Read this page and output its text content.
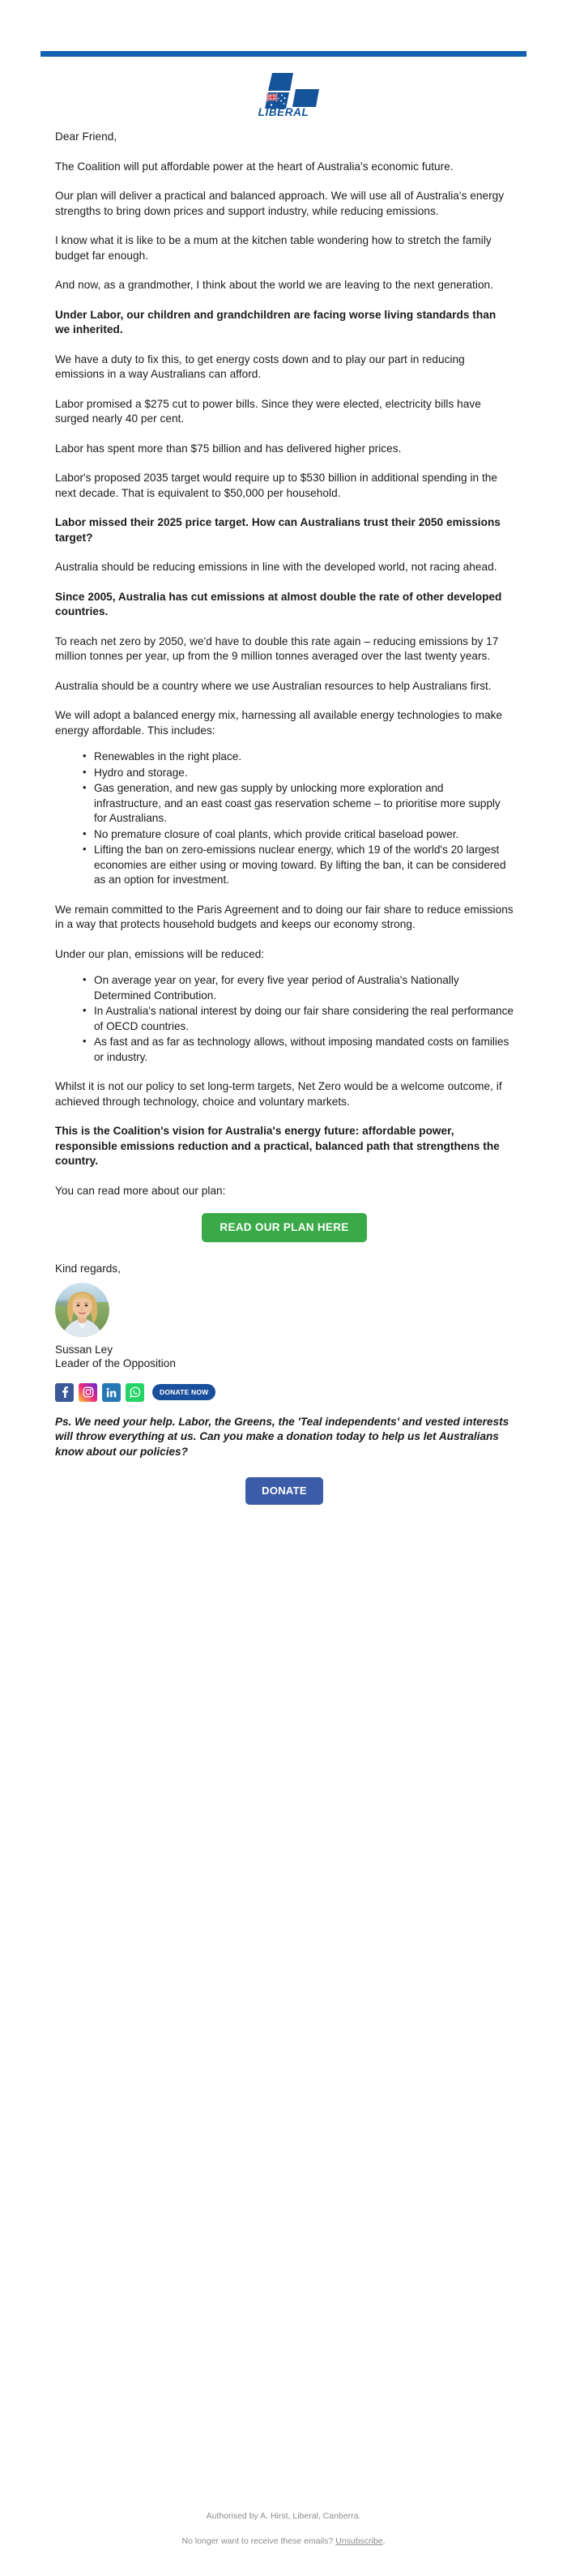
LIBERAL

Dear Friend,

The Coalition will put affordable power at the heart of Australia's economic future.

Our plan will deliver a practical and balanced approach. We will use all of Australia's energy strengths to bring down prices and support industry, while reducing emissions.

I know what it is like to be a mum at the kitchen table wondering how to stretch the family budget far enough.

And now, as a grandmother, I think about the world we are leaving to the next generation.

Under Labor, our children and grandchildren are facing worse living standards than we inherited.

We have a duty to fix this, to get energy costs down and to play our part in reducing emissions in a way Australians can afford.

Labor promised a $275 cut to power bills. Since they were elected, electricity bills have surged nearly 40 per cent.

Labor has spent more than $75 billion and has delivered higher prices.

Labor's proposed 2035 target would require up to $530 billion in additional spending in the next decade. That is equivalent to $50,000 per household.

Labor missed their 2025 price target. How can Australians trust their 2050 emissions target?

Australia should be reducing emissions in line with the developed world, not racing ahead.

Since 2005, Australia has cut emissions at almost double the rate of other developed countries.

To reach net zero by 2050, we'd have to double this rate again – reducing emissions by 17 million tonnes per year, up from the 9 million tonnes averaged over the last twenty years.

Australia should be a country where we use Australian resources to help Australians first.

We will adopt a balanced energy mix, harnessing all available energy technologies to make energy affordable. This includes:

• Renewables in the right place.
• Hydro and storage.
• Gas generation, and new gas supply by unlocking more exploration and infrastructure, and an east coast gas reservation scheme – to prioritise more supply for Australians.
• No premature closure of coal plants, which provide critical baseload power.
• Lifting the ban on zero-emissions nuclear energy, which 19 of the world's 20 largest economies are either using or moving toward. By lifting the ban, it can be considered as an option for investment.

We remain committed to the Paris Agreement and to doing our fair share to reduce emissions in a way that protects household budgets and keeps our economy strong.

Under our plan, emissions will be reduced:

• On average year on year, for every five year period of Australia's Nationally Determined Contribution.
• In Australia's national interest by doing our fair share considering the real performance of OECD countries.
• As fast and as far as technology allows, without imposing mandated costs on families or industry.

Whilst it is not our policy to set long-term targets, Net Zero would be a welcome outcome, if achieved through technology, choice and voluntary markets.

This is the Coalition's vision for Australia's energy future: affordable power, responsible emissions reduction and a practical, balanced path that strengthens the country.

You can read more about our plan:

READ OUR PLAN HERE

Kind regards,

Sussan Ley

Leader of the Opposition

DONATE NOW

Ps. We need your help. Labor, the Greens, the 'Teal independents' and vested interests will throw everything at us. Can you make a donation today to help us let Australians know about our policies?

DONATE

Authorised by A. Hirst, Liberal, Canberra.

No longer want to receive these emails? Unsubscribe.
